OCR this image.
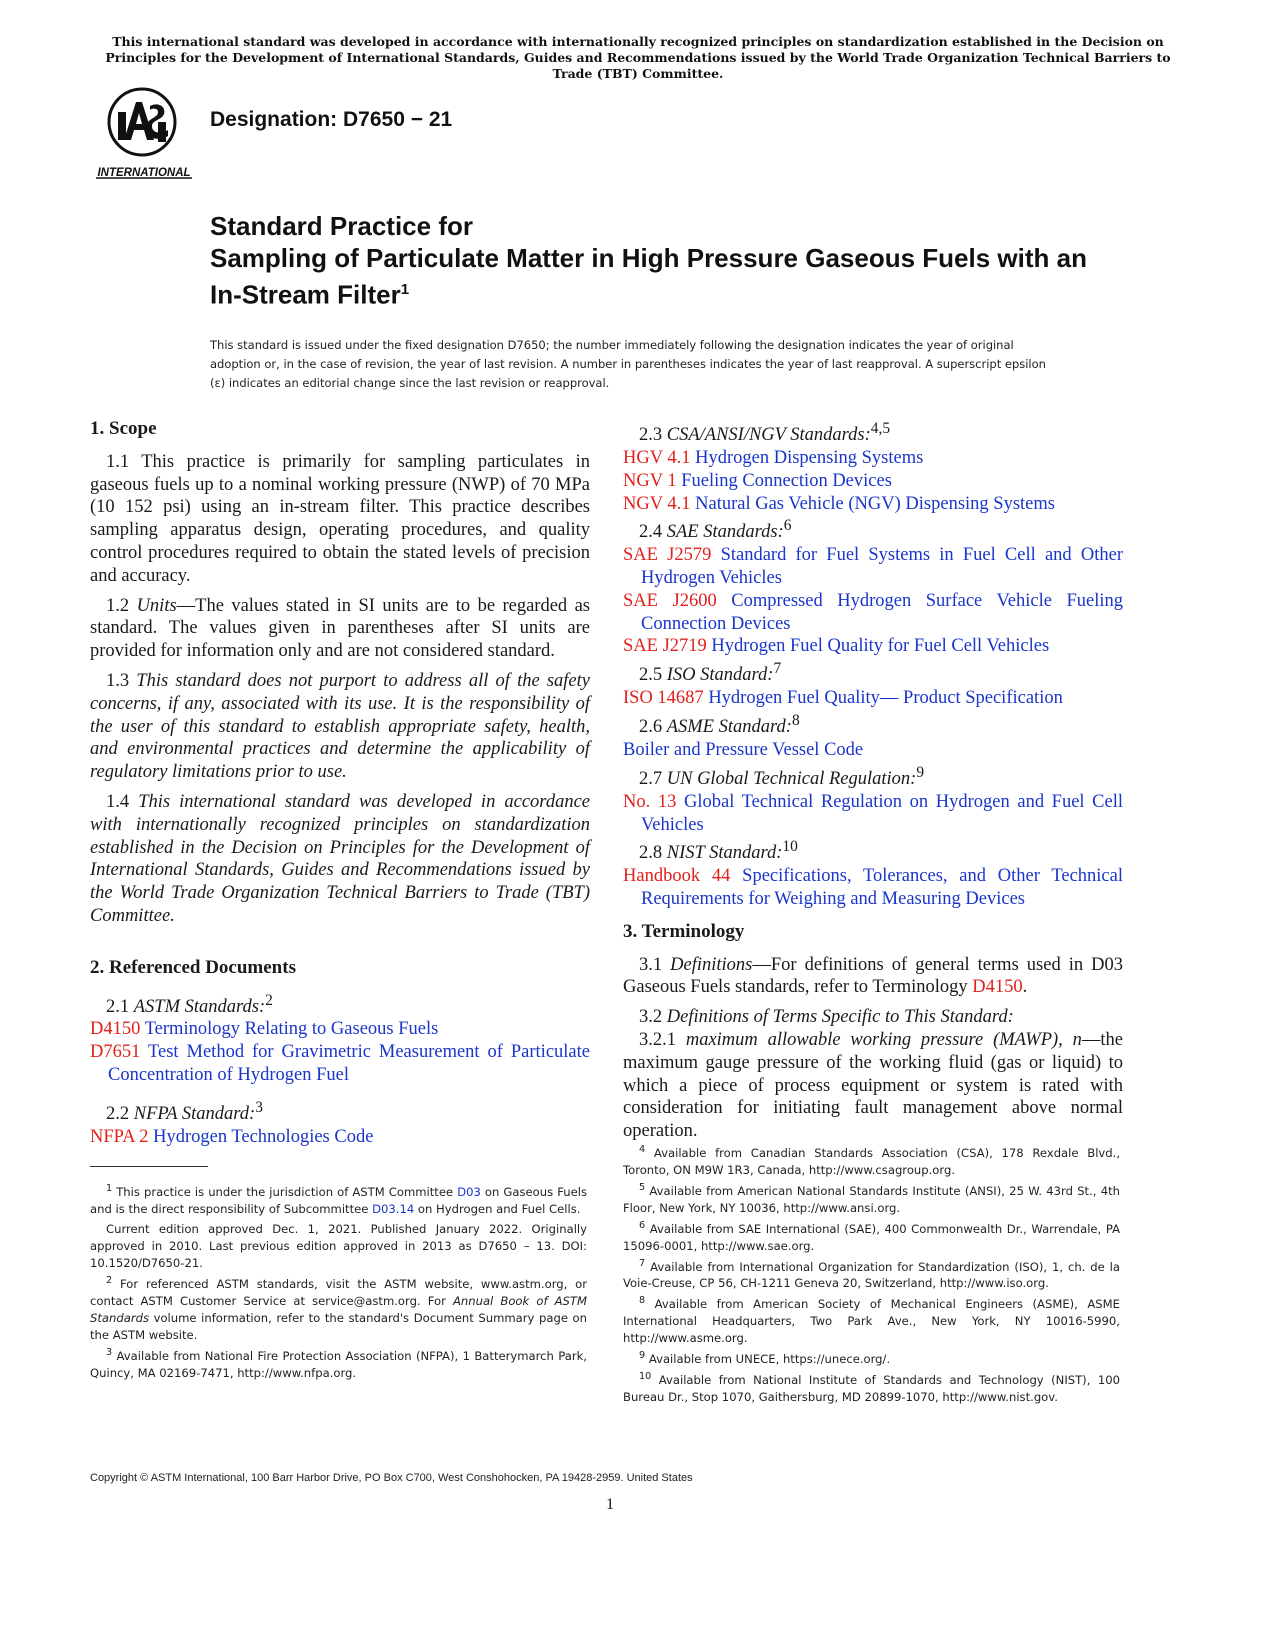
This international standard was developed in accordance with internationally recognized principles on standardization established in the Decision on Principles for the Development of International Standards, Guides and Recommendations issued by the World Trade Organization Technical Barriers to Trade (TBT) Committee.
INTERNATIONAL
Designation: D7650 − 21
Standard Practice for
Sampling of Particulate Matter in High Pressure Gaseous Fuels with an In-Stream Filter$^1$
This standard is issued under the fixed designation D7650; the number immediately following the designation indicates the year of original adoption or, in the case of revision, the year of last revision. A number in parentheses indicates the year of last reapproval. A superscript epsilon (ε) indicates an editorial change since the last revision or reapproval.
1. Scope

1.1 This practice is primarily for sampling particulates in gaseous fuels up to a nominal working pressure (NWP) of 70 MPa (10 152 psi) using an in-stream filter. This practice describes sampling apparatus design, operating procedures, and quality control procedures required to obtain the stated levels of precision and accuracy.

1.2 Units—The values stated in SI units are to be regarded as standard. The values given in parentheses after SI units are provided for information only and are not considered standard.

1.3 This standard does not purport to address all of the safety concerns, if any, associated with its use. It is the responsibility of the user of this standard to establish appropriate safety, health, and environmental practices and determine the applicability of regulatory limitations prior to use.

1.4 This international standard was developed in accordance with internationally recognized principles on standardization established in the Decision on Principles for the Development of International Standards, Guides and Recommendations issued by the World Trade Organization Technical Barriers to Trade (TBT) Committee.

2. Referenced Documents
2.1 ASTM Standards:$^2$
D4150 Terminology Relating to Gaseous Fuels
D7651 Test Method for Gravimetric Measurement of Particulate Concentration of Hydrogen Fuel
2.2 NFPA Standard:$^3$
NFPA 2 Hydrogen Technologies Code
2.3 CSA/ANSI/NGV Standards:$^{4,5}$
HGV 4.1 Hydrogen Dispensing Systems
NGV 1 Fueling Connection Devices
NGV 4.1 Natural Gas Vehicle (NGV) Dispensing Systems
2.4 SAE Standards:$^6$
SAE J2579 Standard for Fuel Systems in Fuel Cell and Other Hydrogen Vehicles
SAE J2600 Compressed Hydrogen Surface Vehicle Fueling Connection Devices
SAE J2719 Hydrogen Fuel Quality for Fuel Cell Vehicles
2.5 ISO Standard:$^7$
ISO 14687 Hydrogen Fuel Quality— Product Specification
2.6 ASME Standard:$^8$
Boiler and Pressure Vessel Code
2.7 UN Global Technical Regulation:$^9$
No. 13 Global Technical Regulation on Hydrogen and Fuel Cell Vehicles
2.8 NIST Standard:$^{10}$
Handbook 44 Specifications, Tolerances, and Other Technical Requirements for Weighing and Measuring Devices
3. Terminology

3.1 Definitions—For definitions of general terms used in D03 Gaseous Fuels standards, refer to Terminology D4150.

3.2 Definitions of Terms Specific to This Standard:

3.2.1 maximum allowable working pressure (MAWP), n—the maximum gauge pressure of the working fluid (gas or liquid) to which a piece of process equipment or system is rated with consideration for initiating fault management above normal operation.

$^1$ This practice is under the jurisdiction of ASTM Committee D03 on Gaseous Fuels and is the direct responsibility of Subcommittee D03.14 on Hydrogen and Fuel Cells.

Current edition approved Dec. 1, 2021. Published January 2022. Originally approved in 2010. Last previous edition approved in 2013 as D7650 – 13. DOI: 10.1520/D7650-21.

$^2$ For referenced ASTM standards, visit the ASTM website, www.astm.org, or contact ASTM Customer Service at service@astm.org. For Annual Book of ASTM Standards volume information, refer to the standard's Document Summary page on the ASTM website.

$^3$ Available from National Fire Protection Association (NFPA), 1 Batterymarch Park, Quincy, MA 02169-7471, http://www.nfpa.org.

$^4$ Available from Canadian Standards Association (CSA), 178 Rexdale Blvd., Toronto, ON M9W 1R3, Canada, http://www.csagroup.org.

$^5$ Available from American National Standards Institute (ANSI), 25 W. 43rd St., 4th Floor, New York, NY 10036, http://www.ansi.org.

$^6$ Available from SAE International (SAE), 400 Commonwealth Dr., Warrendale, PA 15096-0001, http://www.sae.org.

$^7$ Available from International Organization for Standardization (ISO), 1, ch. de la Voie-Creuse, CP 56, CH-1211 Geneva 20, Switzerland, http://www.iso.org.

$^8$ Available from American Society of Mechanical Engineers (ASME), ASME International Headquarters, Two Park Ave., New York, NY 10016-5990, http://www.asme.org.

$^9$ Available from UNECE, https://unece.org/.

$^{10}$ Available from National Institute of Standards and Technology (NIST), 100 Bureau Dr., Stop 1070, Gaithersburg, MD 20899-1070, http://www.nist.gov.

Copyright © ASTM International, 100 Barr Harbor Drive, PO Box C700, West Conshohocken, PA 19428-2959. United States
1
